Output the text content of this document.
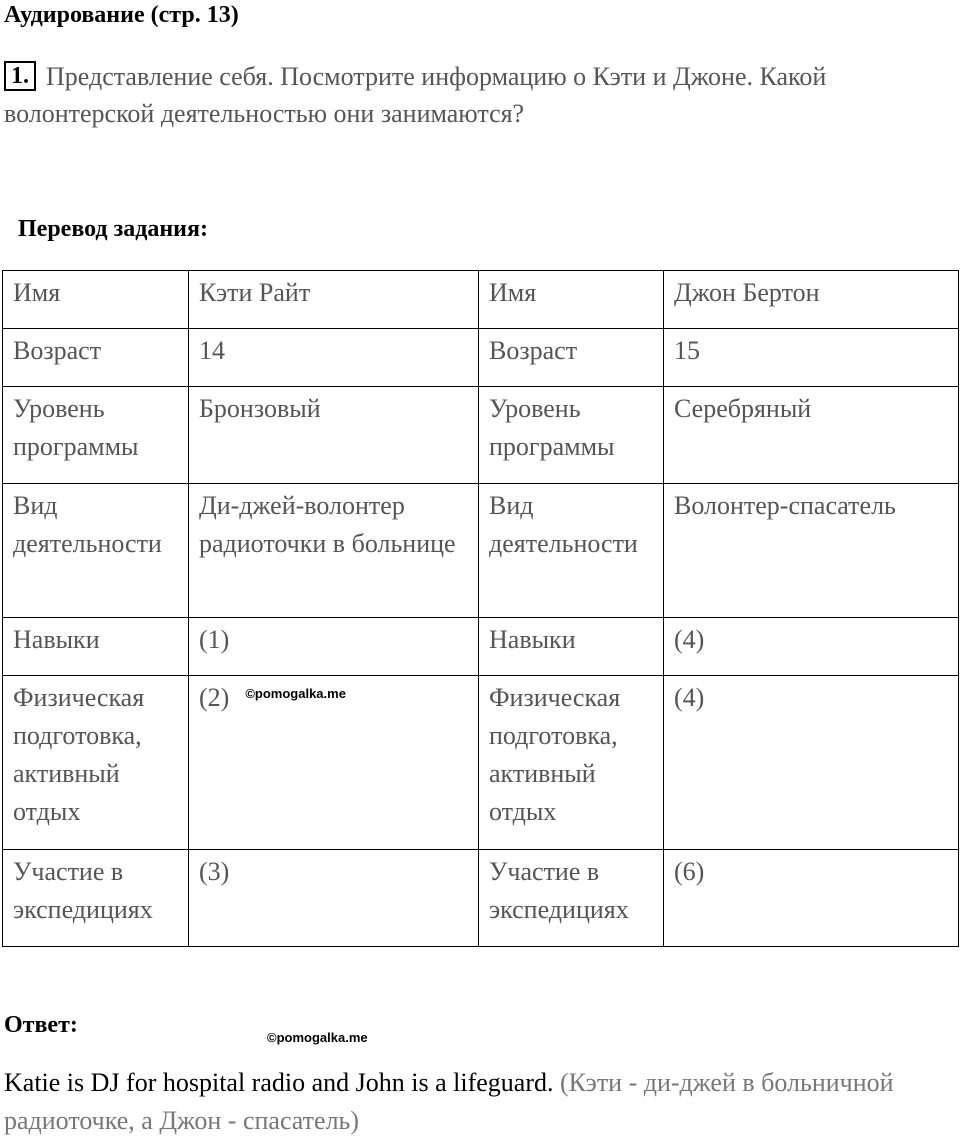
Аудирование (стр. 13)
1. Представление себя. Посмотрите информацию о Кэти и Джоне. Какой волонтерской деятельностью они занимаются?
Перевод задания:
Имя	Кэти Райт	Имя	Джон Бертон
Возраст	14	Возраст	15
Уровень программы	Бронзовый	Уровень программы	Серебряный
Вид деятельности	Ди-джей-волонтер радиоточки в больнице	Вид деятельности	Волонтер-спасатель
Навыки	(1)	Навыки	(4)
Физическая подготовка, активный отдых	(2) $^{©pomogalka.me}$	Физическая подготовка, активный отдых	(4)
Участие в экспедициях	(3)	Участие в экспедициях	(6)
Ответ:	©pomogalka.me
Katie is DJ for hospital radio and John is a lifeguard. (Кэти - ди-джей в больничной радиоточке, а Джон - спасатель)
